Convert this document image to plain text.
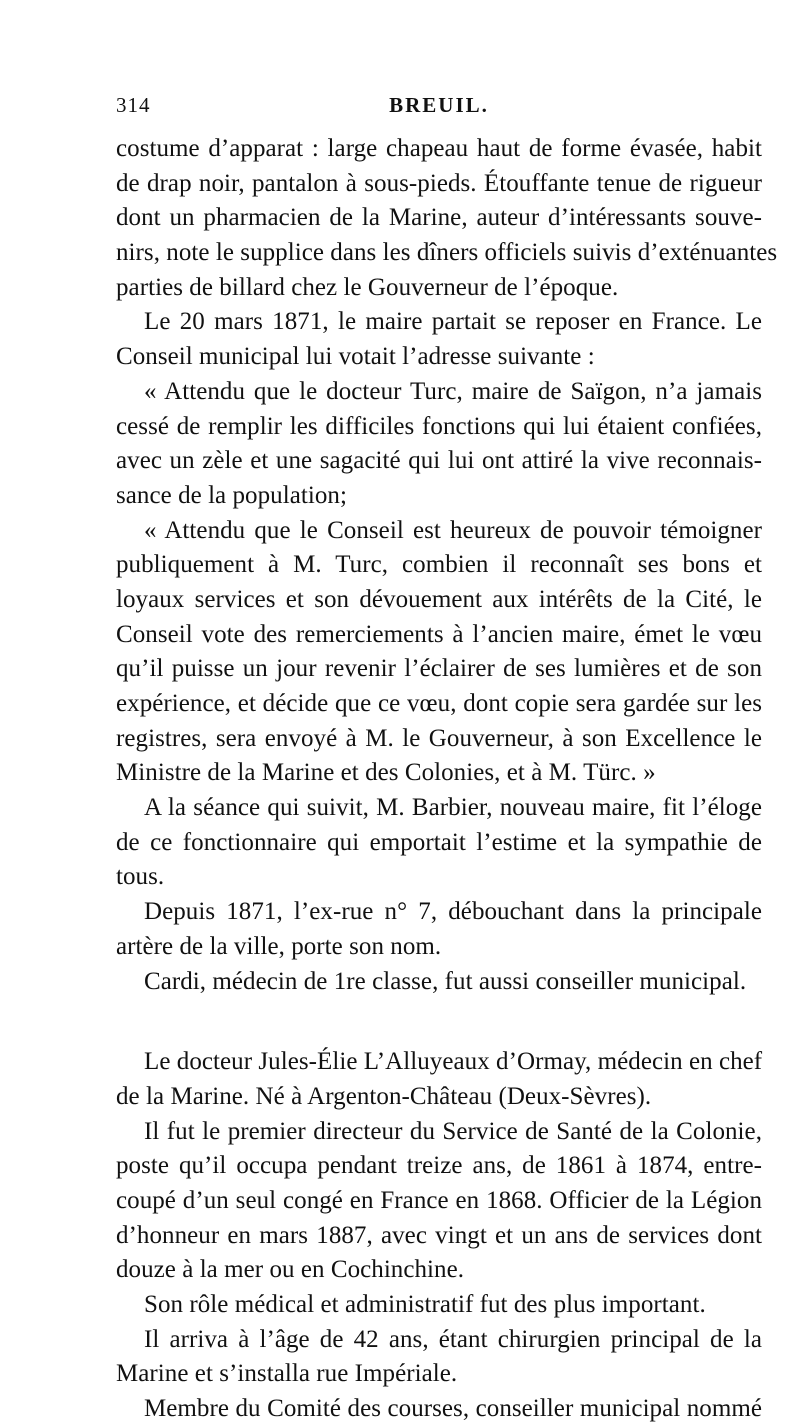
314	BREUIL.
costume d’apparat : large chapeau haut de forme évasée, habit
de drap noir, pantalon à sous-pieds. Étouffante tenue de rigueur
dont un pharmacien de la Marine, auteur d’intéressants souve-
nirs, note le supplice dans les dîners officiels suivis d’exténuantes
parties de billard chez le Gouverneur de l’époque.
Le 20 mars 1871, le maire partait se reposer en France. Le
Conseil municipal lui votait l’adresse suivante :
« Attendu que le docteur Turc, maire de Saïgon, n’a jamais
cessé de remplir les difficiles fonctions qui lui étaient confiées,
avec un zèle et une sagacité qui lui ont attiré la vive reconnais-
sance de la population;
« Attendu que le Conseil est heureux de pouvoir témoigner
publiquement à M. Turc, combien il reconnaît ses bons et
loyaux services et son dévouement aux intérêts de la Cité, le
Conseil vote des remerciements à l’ancien maire, émet le vœu
qu’il puisse un jour revenir l’éclairer de ses lumières et de son
expérience, et décide que ce vœu, dont copie sera gardée sur les
registres, sera envoyé à M. le Gouverneur, à son Excellence le
Ministre de la Marine et des Colonies, et à M. Türc. »
A la séance qui suivit, M. Barbier, nouveau maire, fit l’éloge
de ce fonctionnaire qui emportait l’estime et la sympathie de
tous.
Depuis 1871, l’ex-rue n° 7, débouchant dans la principale
artère de la ville, porte son nom.
Cardi, médecin de 1re classe, fut aussi conseiller municipal.
Le docteur Jules-Élie L’Alluyeaux d’Ormay, médecin en chef
de la Marine. Né à Argenton-Château (Deux-Sèvres).
Il fut le premier directeur du Service de Santé de la Colonie,
poste qu’il occupa pendant treize ans, de 1861 à 1874, entre-
coupé d’un seul congé en France en 1868. Officier de la Légion
d’honneur en mars 1887, avec vingt et un ans de services dont
douze à la mer ou en Cochinchine.
Son rôle médical et administratif fut des plus important.
Il arriva à l’âge de 42 ans, étant chirurgien principal de la
Marine et s’installa rue Impériale.
Membre du Comité des courses, conseiller municipal nommé
